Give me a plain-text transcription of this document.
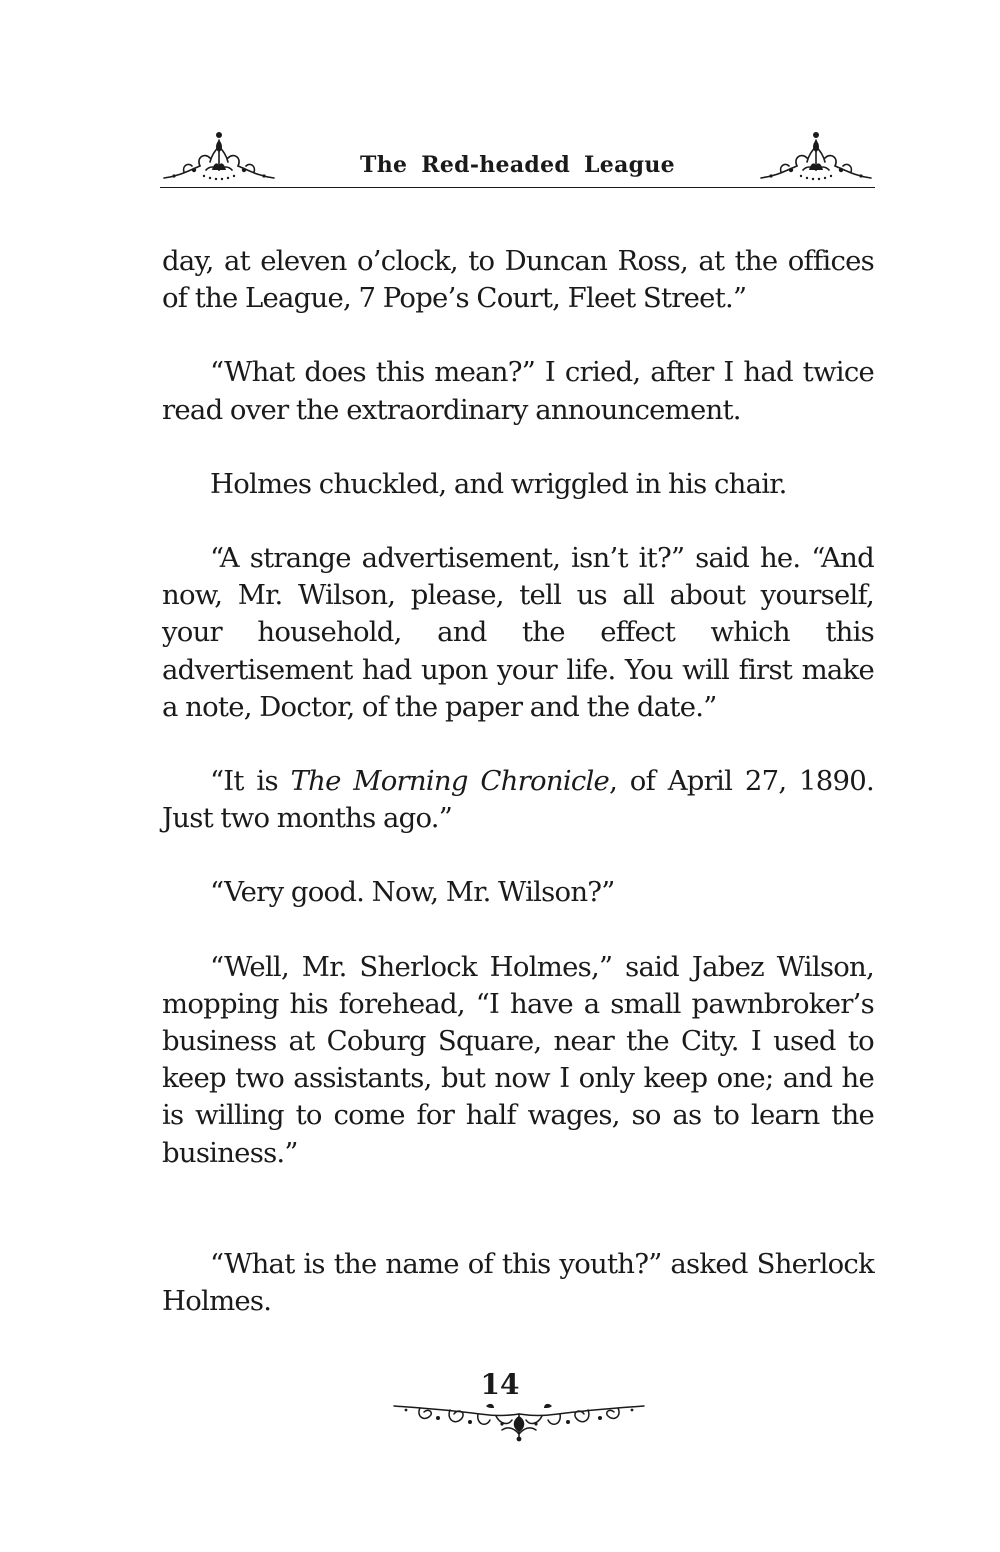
The Red-headed League

day, at eleven o’clock, to Duncan Ross, at the offices of the League, 7 Pope’s Court, Fleet Street.”

“What does this mean?” I cried, after I had twice read over the extraordinary announcement.

Holmes chuckled, and wriggled in his chair.

“A strange advertisement, isn’t it?” said he. “And now, Mr. Wilson, please, tell us all about yourself, your household, and the effect which this advertisement had upon your life. You will first make a note, Doctor, of the paper and the date.”

“It is The Morning Chronicle, of April 27, 1890. Just two months ago.”

“Very good. Now, Mr. Wilson?”

“Well, Mr. Sherlock Holmes,” said Jabez Wilson, mopping his forehead, “I have a small pawnbroker’s business at Coburg Square, near the City. I used to keep two assistants, but now I only keep one; and he is willing to come for half wages, so as to learn the business.”

“What is the name of this youth?” asked Sherlock Holmes.

14
